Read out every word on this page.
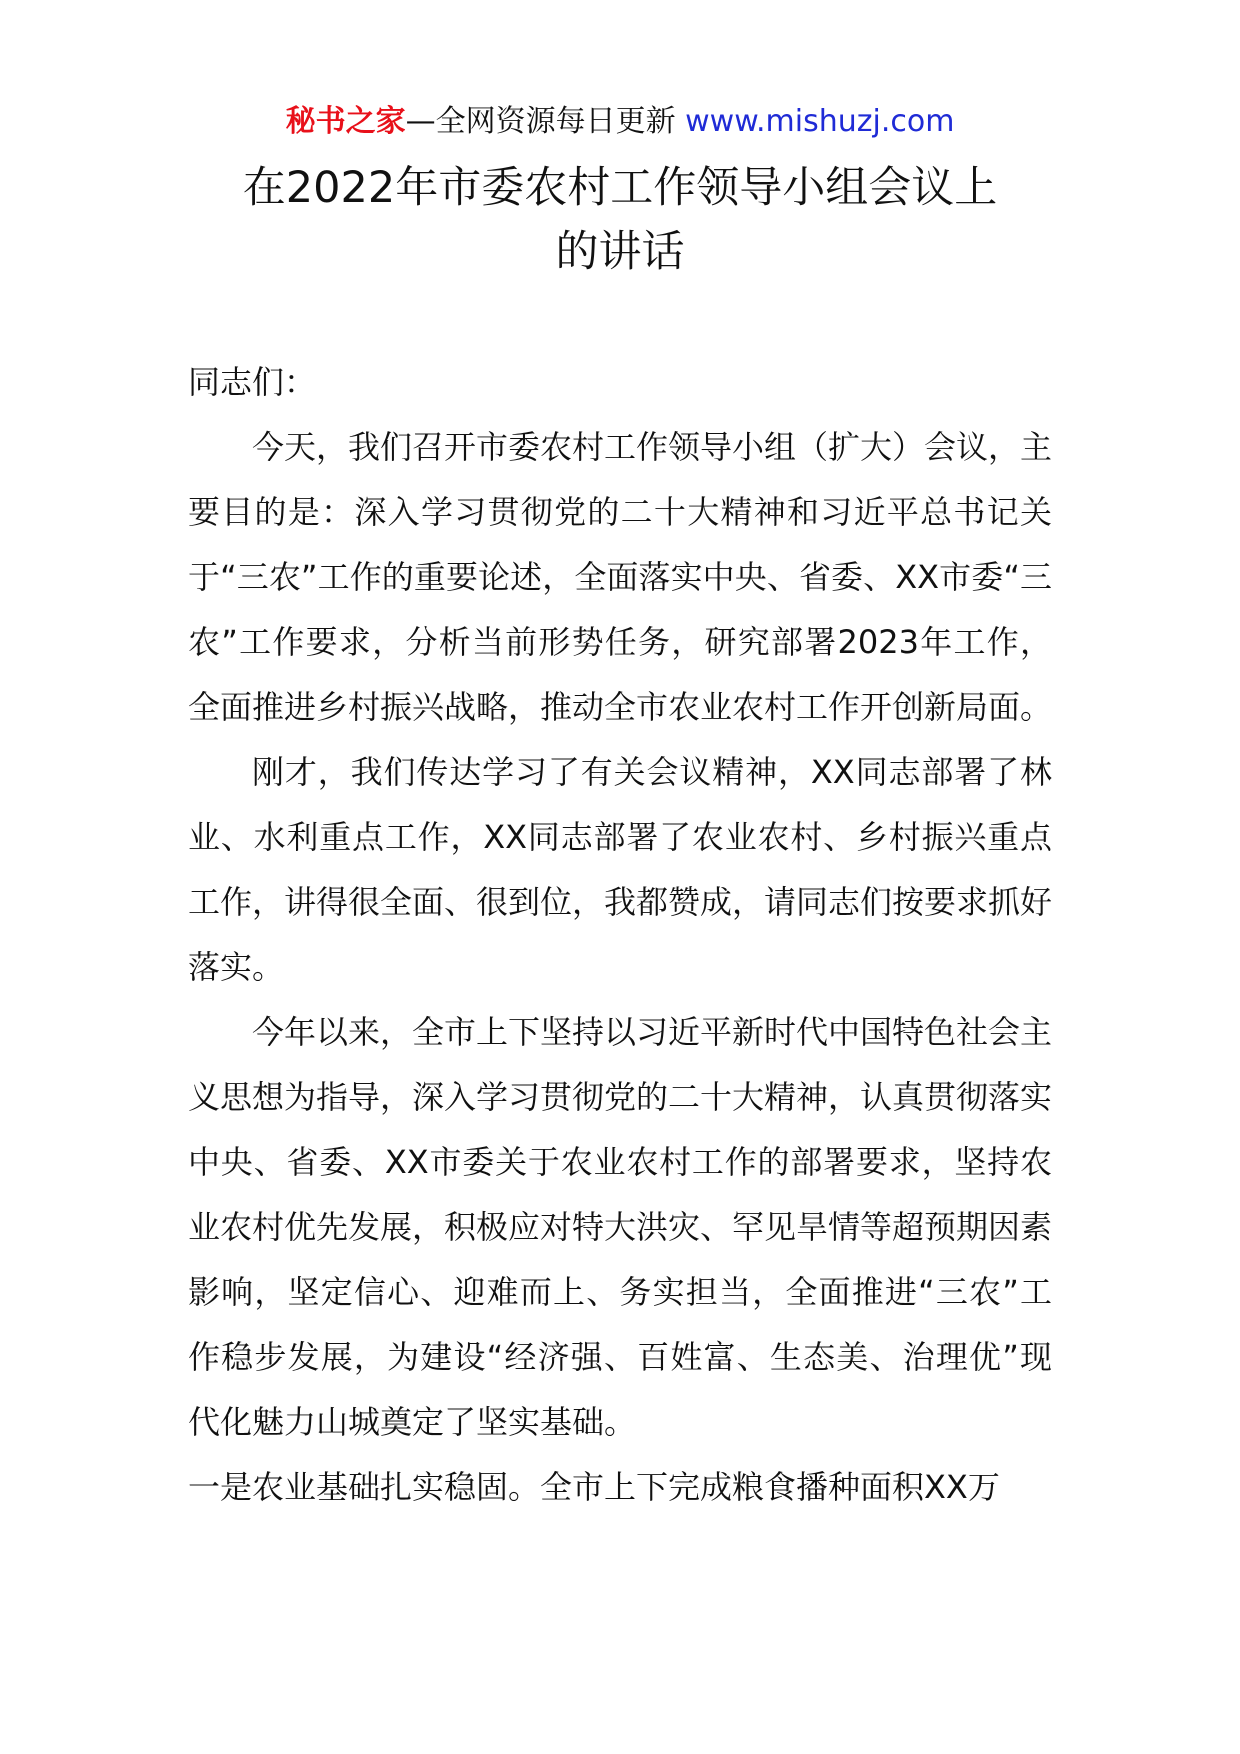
秘书之家—全网资源每日更新 www.mishuzj.com
在2022年市委农村工作领导小组会议上
的讲话

同志们：

今天，我们召开市委农村工作领导小组（扩大）会议，主要目的是：深入学习贯彻党的二十大精神和习近平总书记关于“三农”工作的重要论述，全面落实中央、省委、XX市委“三农”工作要求，分析当前形势任务，研究部署2023年工作，全面推进乡村振兴战略，推动全市农业农村工作开创新局面。

刚才，我们传达学习了有关会议精神，XX同志部署了林业、水利重点工作，XX同志部署了农业农村、乡村振兴重点工作，讲得很全面、很到位，我都赞成，请同志们按要求抓好落实。

今年以来，全市上下坚持以习近平新时代中国特色社会主义思想为指导，深入学习贯彻党的二十大精神，认真贯彻落实中央、省委、XX市委关于农业农村工作的部署要求，坚持农业农村优先发展，积极应对特大洪灾、罕见旱情等超预期因素影响，坚定信心、迎难而上、务实担当，全面推进“三农”工作稳步发展，为建设“经济强、百姓富、生态美、治理优”现代化魅力山城奠定了坚实基础。

一是农业基础扎实稳固。全市上下完成粮食播种面积XX万
